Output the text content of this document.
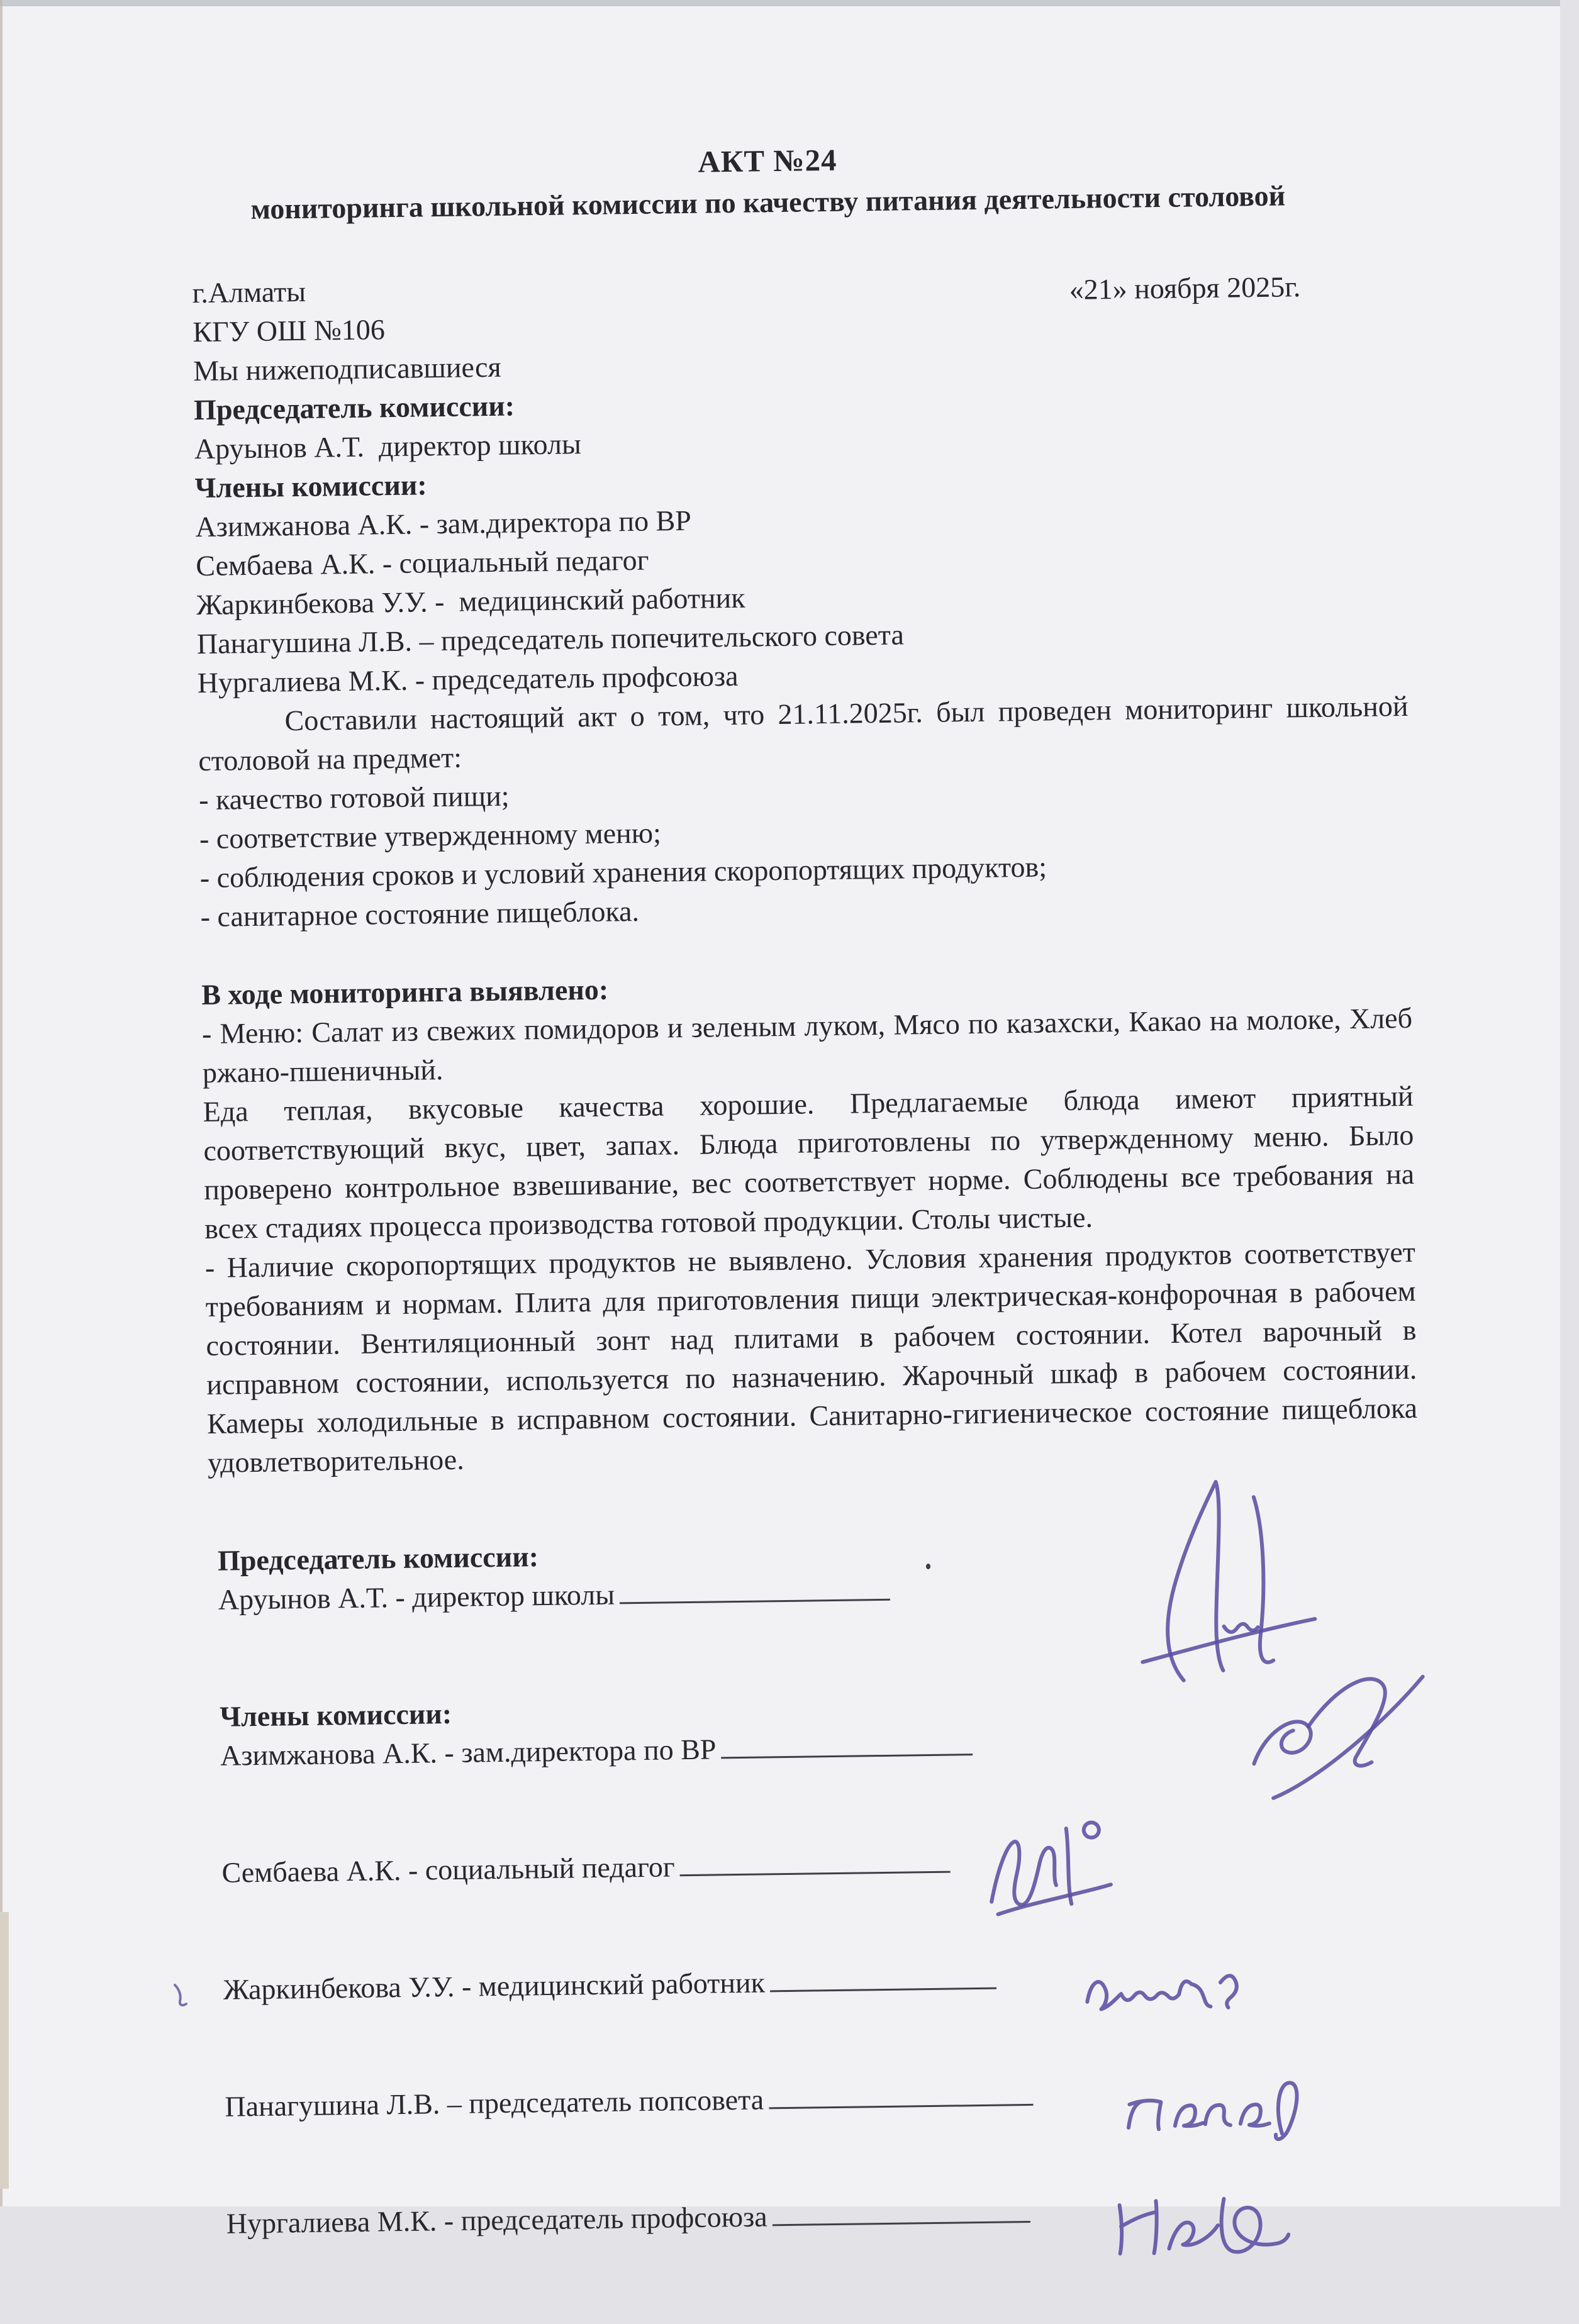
АКТ №24
мониторинга школьной комиссии по качеству питания деятельности столовой
«21» ноября 2025г.
г.Алматы
КГУ ОШ №106
Мы нижеподписавшиеся
Председатель комиссии:
Аруынов А.Т.  директор школы
Члены комиссии:
Азимжанова А.К. - зам.директора по ВР
Сембаева А.К. - социальный педагог
Жаркинбекова У.У. -  медицинский работник
Панагушина Л.В. – председатель попечительского совета
Нургалиева М.К. - председатель профсоюза

Составили настоящий акт о том, что 21.11.2025г. был проведен мониторинг школьной столовой на предмет:

- качество готовой пищи;
- соответствие утвержденному меню;
- соблюдения сроков и условий хранения скоропортящих продуктов;
- санитарное состояние пищеблока.
В ходе мониторинга выявлено:

- Меню: Салат из свежих помидоров и зеленым луком, Мясо по казахски, Какао на молоке, Хлеб ржано-пшеничный.

Еда теплая, вкусовые качества хорошие. Предлагаемые блюда имеют приятный соответствующий вкус, цвет, запах. Блюда приготовлены по утвержденному меню. Было проверено контрольное взвешивание, вес соответствует норме. Соблюдены все требования на всех стадиях процесса производства готовой продукции. Столы чистые.

- Наличие скоропортящих продуктов не выявлено. Условия хранения продуктов соответствует требованиям и нормам. Плита для приготовления пищи электрическая-конфорочная в рабочем состоянии. Вентиляционный зонт над плитами в рабочем состоянии. Котел варочный в исправном состоянии, используется по назначению. Жарочный шкаф в рабочем состоянии. Камеры холодильные в исправном состоянии. Санитарно-гигиеническое состояние пищеблока удовлетворительное.

Председатель комиссии:
Аруынов А.Т. - директор школы

Члены комиссии:
Азимжанова А.К. - зам.директора по ВР

Сембаева А.К. - социальный педагог

Жаркинбекова У.У. - медицинский работник

Панагушина Л.В. – председатель попсовета

Нургалиева М.К. - председатель профсоюза
